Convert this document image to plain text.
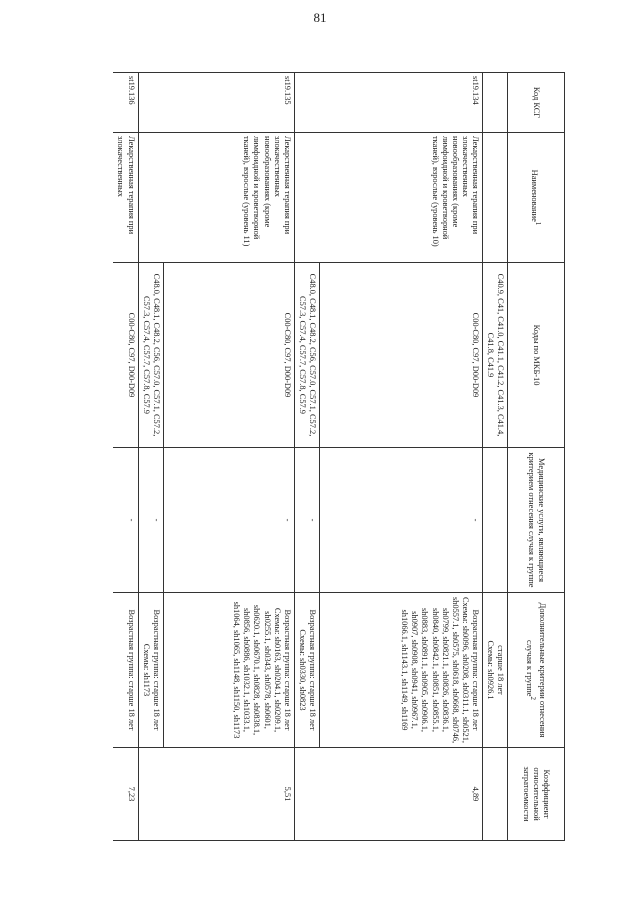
81
Код КСГ	Наименование$^1$	Коды по МКБ-10	Медицинские услуги, являющиеся критерием отнесения случая к группе	Дополнительные критерии отнесения случая к группе$^2$	Коэффициент относительной затратоемкости
		C40.9, C41, C41.0, C41.1, C41.2, C41.3, C41.4, C41.8, C41.9		старше 18 лет
Схемы: sh0926.1	

st19.134	Лекарственная терапия при злокачественных новообразованиях (кроме лимфоидной и кроветворной тканей), взрослые (уровень 10)	C00-C80, C97, D00-D09	-	Возрастная группа: старше 18 лет
Схемы: sh0096, sh0208, sh0311.1, sh0521, sh0557.1, sh0575, sh0618, sh0668, sh0746, sh0799, sh0821.1, sh0826, sh0836.1, sh0840, sh0842.1, sh0851, sh0855.1, sh0883, sh0891.1, sh0905, sh0906.1, sh0907, sh0908, sh0941, sh0967.1, sh1066.1, sh1143.1, sh1149, sh1169	4,89
		C48.0, C48.1, C48.2, C56, C57.0, C57.1, C57.2, C57.3, C57.4, C57.7, C57.8, C57.9	-	Возрастная группа: старше 18 лет
Схемы: sh0330, sh0823	

st19.135	Лекарственная терапия при злокачественных новообразованиях (кроме лимфоидной и кроветворной тканей), взрослые (уровень 11)	C00-C80, C97, D00-D09	-	Возрастная группа: старше 18 лет
Схемы: sh0163, sh0204.1, sh0209.1, sh0255.1, sh0343, sh0578, sh0601, sh0620.1, sh0670.1, sh0828, sh0838.1, sh0856, sh0886, sh1032.1, sh1033.1, sh1064, sh1065, sh1148, sh1150, sh1173	5,51
		C48.0, C48.1, C48.2, C56, C57.0, C57.1, C57.2, C57.3, C57.4, C57.7, C57.8, C57.9	-	Возрастная группа: старше 18 лет
Схемы: sh1173	

st19.136	Лекарственная терапия при злокачественных	C00-C80, C97, D00-D09	-	Возрастная группа: старше 18 лет	7,23
